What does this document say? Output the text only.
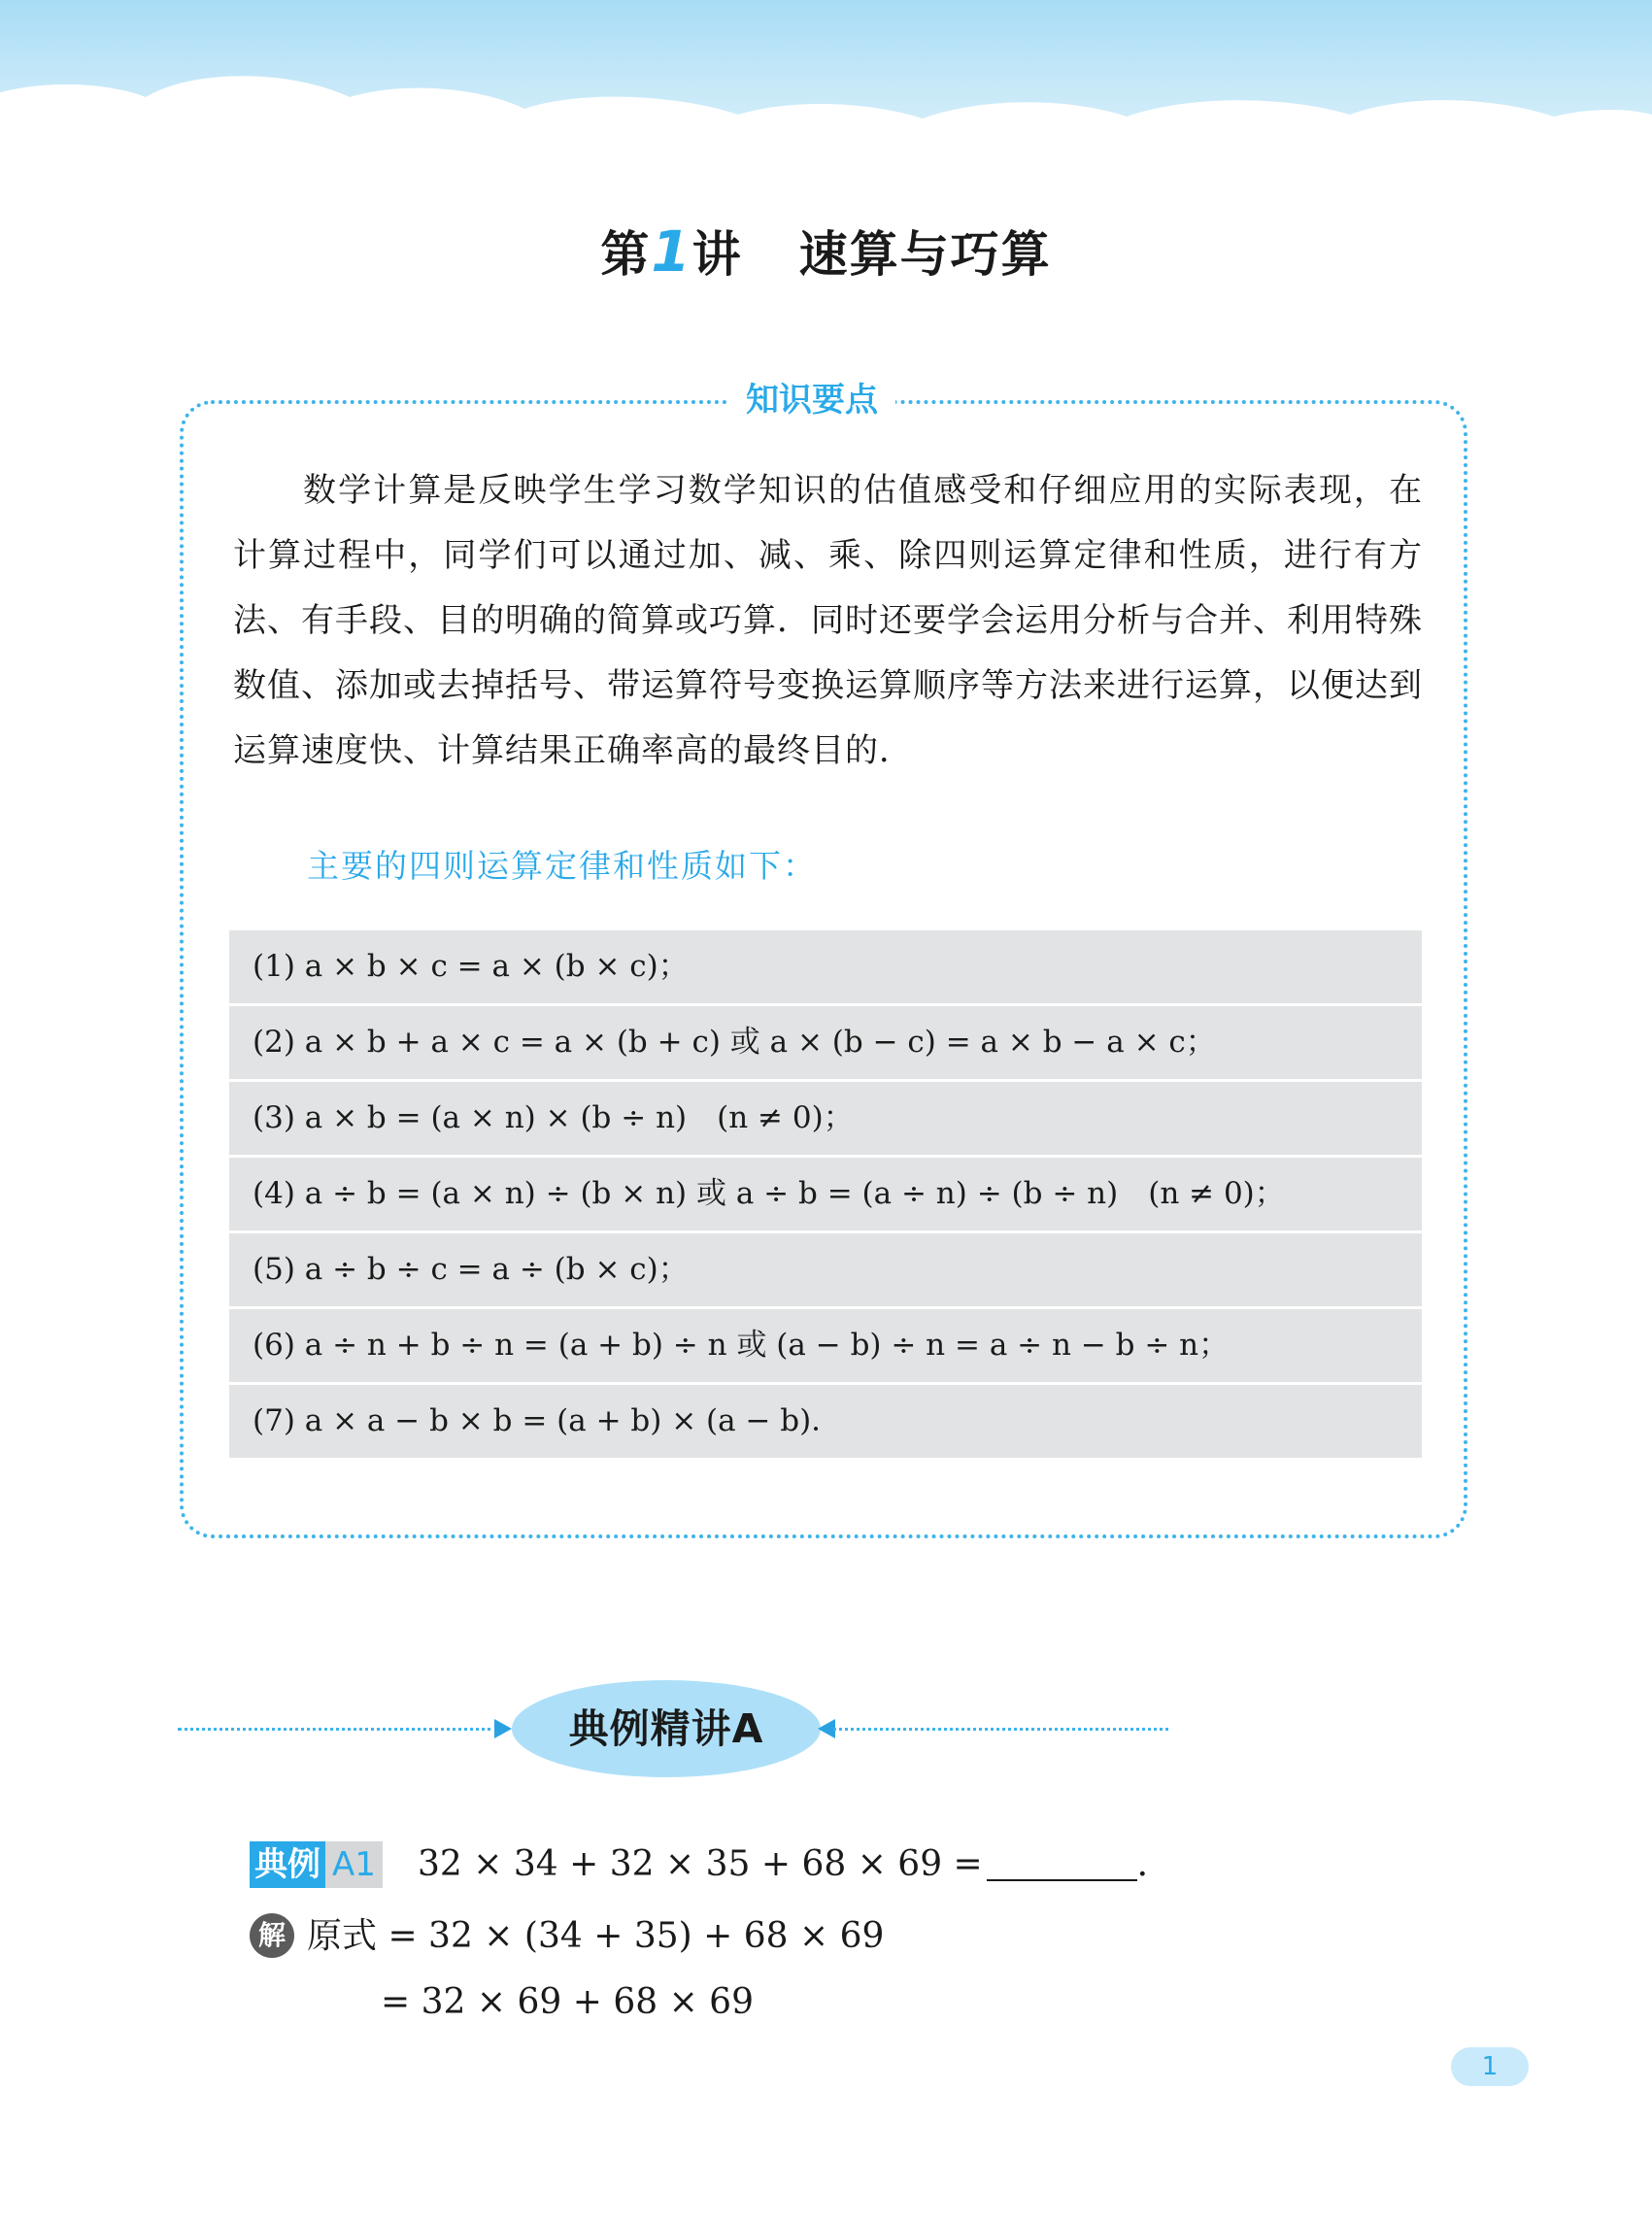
第1讲 速算与巧算
知识要点

数学计算是反映学生学习数学知识的估值感受和仔细应用的实际表现，在计算过程中，同学们可以通过加、减、乘、除四则运算定律和性质，进行有方法、有手段、目的明确的简算或巧算．同时还要学会运用分析与合并、利用特殊数值、添加或去掉括号、带运算符号变换运算顺序等方法来进行运算，以便达到运算速度快、计算结果正确率高的最终目的．

主要的四则运算定律和性质如下：
(1) a × b × c = a × (b × c)；
(2) a × b + a × c = a × (b + c) 或 a × (b − c) = a × b − a × c；
(3) a × b = (a × n) × (b ÷ n)　(n ≠ 0)；
(4) a ÷ b = (a × n) ÷ (b × n) 或 a ÷ b = (a ÷ n) ÷ (b ÷ n)　(n ≠ 0)；
(5) a ÷ b ÷ c = a ÷ (b × c)；
(6) a ÷ n + b ÷ n = (a + b) ÷ n 或 (a − b) ÷ n = a ÷ n − b ÷ n；
(7) a × a − b × b = (a + b) × (a − b)．
典例精讲A
典例 A1 32 × 34 + 32 × 35 + 68 × 69 =	．
解 原式 = 32 × (34 + 35) + 68 × 69
= 32 × 69 + 68 × 69
1
